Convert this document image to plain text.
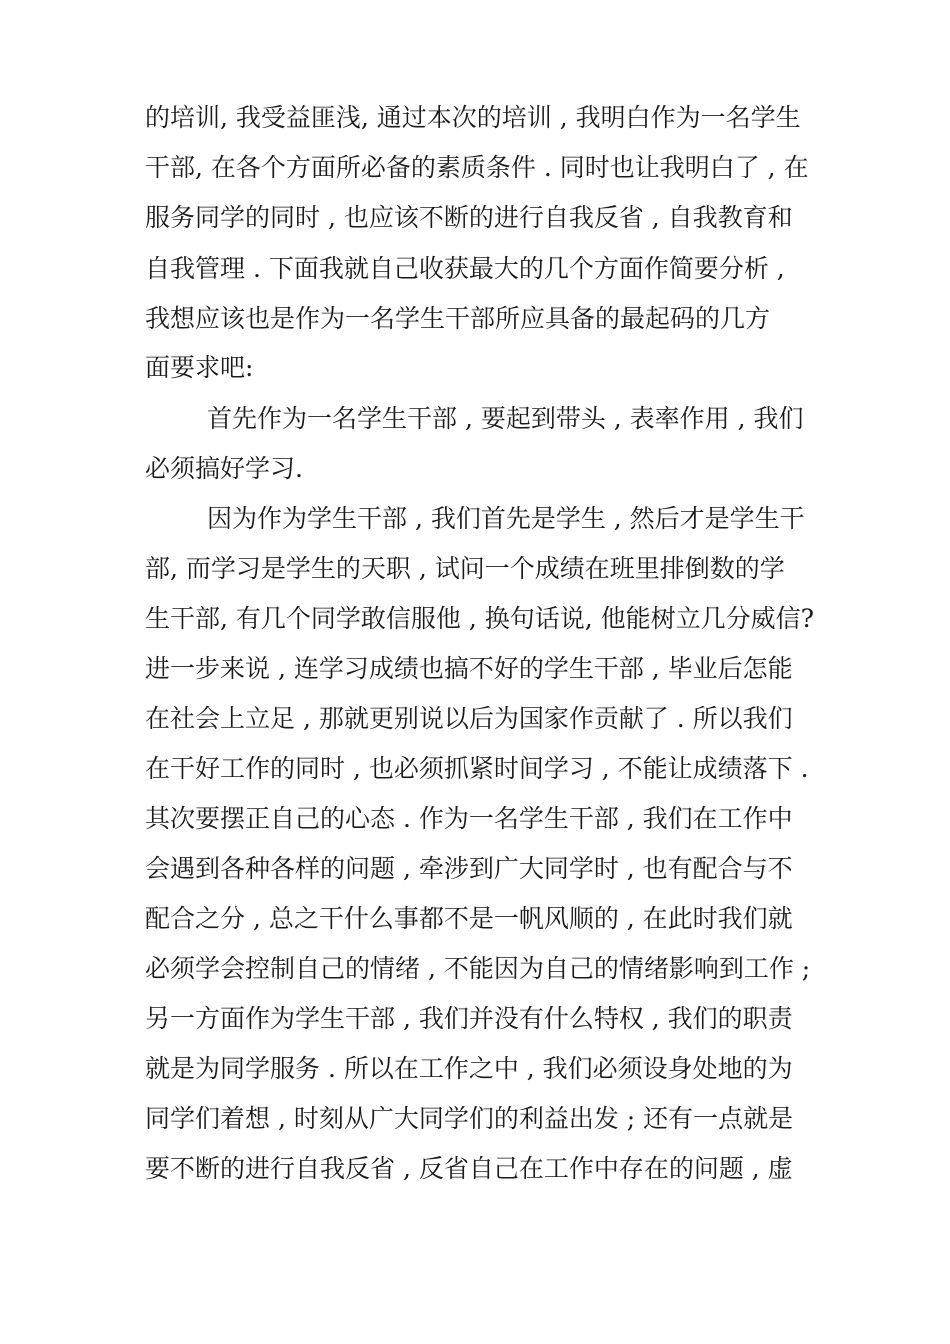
的培训, 我受益匪浅, 通过本次的培训 , 我明白作为一名学生
干部, 在各个方面所必备的素质条件 . 同时也让我明白了 , 在
服务同学的同时 , 也应该不断的进行自我反省 , 自我教育和
自我管理 . 下面我就自己收获最大的几个方面作简要分析 ,
我想应该也是作为一名学生干部所应具备的最起码的几方
面要求吧:
首先作为一名学生干部 , 要起到带头 , 表率作用 , 我们
必须搞好学习.
因为作为学生干部 , 我们首先是学生 , 然后才是学生干
部, 而学习是学生的天职 , 试问一个成绩在班里排倒数的学
生干部, 有几个同学敢信服他 , 换句话说, 他能树立几分威信?
进一步来说 , 连学习成绩也搞不好的学生干部 , 毕业后怎能
在社会上立足 , 那就更别说以后为国家作贡献了 . 所以我们
在干好工作的同时 , 也必须抓紧时间学习 , 不能让成绩落下 .
其次要摆正自己的心态 . 作为一名学生干部 , 我们在工作中
会遇到各种各样的问题 , 牵涉到广大同学时 , 也有配合与不
配合之分 , 总之干什么事都不是一帆风顺的 , 在此时我们就
必须学会控制自己的情绪 , 不能因为自己的情绪影响到工作 ;
另一方面作为学生干部 , 我们并没有什么特权 , 我们的职责
就是为同学服务 . 所以在工作之中 , 我们必须设身处地的为
同学们着想 , 时刻从广大同学们的利益出发 ; 还有一点就是
要不断的进行自我反省 , 反省自己在工作中存在的问题 , 虚
